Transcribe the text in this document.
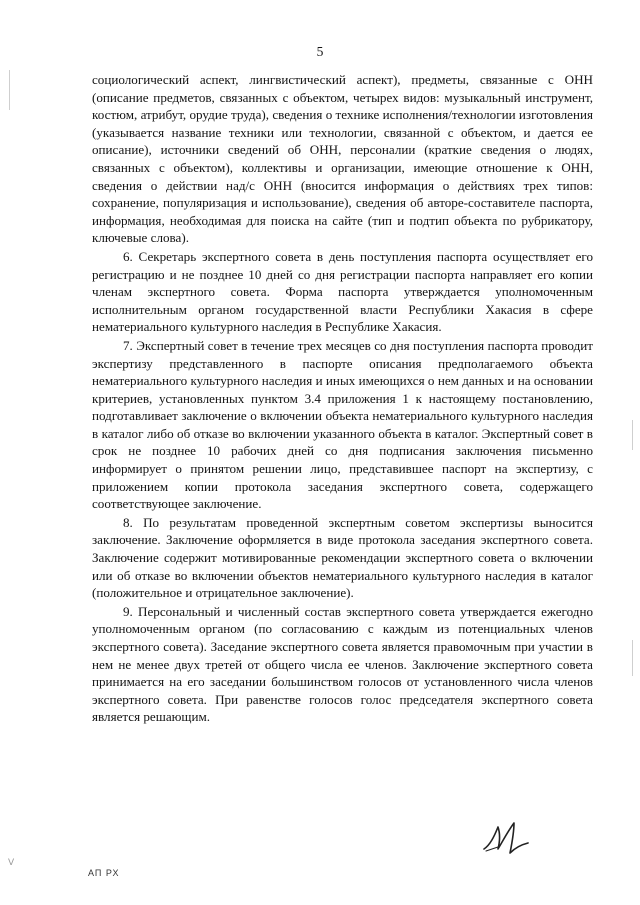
5

социологический аспект, лингвистический аспект), предметы, связанные с ОНН (описание предметов, связанных с объектом, четырех видов: музыкальный инструмент, костюм, атрибут, орудие труда), сведения о технике исполнения/технологии изготовления (указывается название техники или технологии, связанной с объектом, и дается ее описание), источники сведений об ОНН, персоналии (краткие сведения о людях, связанных с объектом), коллективы и организации, имеющие отношение к ОНН, сведения о действии над/с ОНН (вносится информация о действиях трех типов: сохранение, популяризация и использование), сведения об авторе-составителе паспорта, информация, необходимая для поиска на сайте (тип и подтип объекта по рубрикатору, ключевые слова).

6. Секретарь экспертного совета в день поступления паспорта осуществляет его регистрацию и не позднее 10 дней со дня регистрации паспорта направляет его копии членам экспертного совета. Форма паспорта утверждается уполномоченным исполнительным органом государственной власти Республики Хакасия в сфере нематериального культурного наследия в Республике Хакасия.

7. Экспертный совет в течение трех месяцев со дня поступления паспорта проводит экспертизу представленного в паспорте описания предполагаемого объекта нематериального культурного наследия и иных имеющихся о нем данных и на основании критериев, установленных пунктом 3.4 приложения 1 к настоящему постановлению, подготавливает заключение о включении объекта нематериального культурного наследия в каталог либо об отказе во включении указанного объекта в каталог. Экспертный совет в срок не позднее 10 рабочих дней со дня подписания заключения письменно информирует о принятом решении лицо, представившее паспорт на экспертизу, с приложением копии протокола заседания экспертного совета, содержащего соответствующее заключение.

8. По результатам проведенной экспертным советом экспертизы выносится заключение. Заключение оформляется в виде протокола заседания экспертного совета. Заключение содержит мотивированные рекомендации экспертного совета о включении или об отказе во включении объектов нематериального культурного наследия в каталог (положительное и отрицательное заключение).

9. Персональный и численный состав экспертного совета утверждается ежегодно уполномоченным органом (по согласованию с каждым из потенциальных членов экспертного совета). Заседание экспертного совета является правомочным при участии в нем не менее двух третей от общего числа ее членов. Заключение экспертного совета принимается на его заседании большинством голосов от установленного числа членов экспертного совета. При равенстве голосов голос председателя экспертного совета является решающим.

V
АП РХ
